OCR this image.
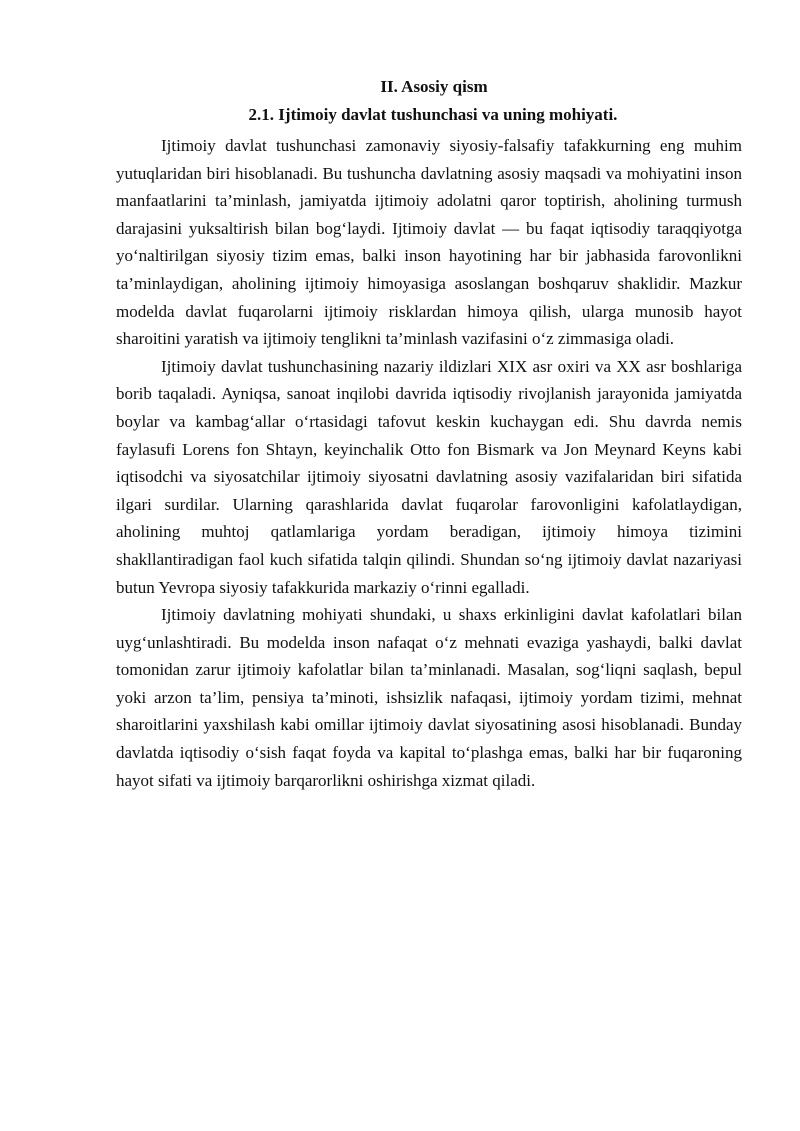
II. Asosiy qism
2.1. Ijtimoiy davlat tushunchasi va uning mohiyati.

Ijtimoiy davlat tushunchasi zamonaviy siyosiy-falsafiy tafakkurning eng muhim yutuqlaridan biri hisoblanadi. Bu tushuncha davlatning asosiy maqsadi va mohiyatini inson manfaatlarini ta’minlash, jamiyatda ijtimoiy adolatni qaror toptirish, aholining turmush darajasini yuksaltirish bilan bog‘laydi. Ijtimoiy davlat — bu faqat iqtisodiy taraqqiyotga yo‘naltirilgan siyosiy tizim emas, balki inson hayotining har bir jabhasida farovonlikni ta’minlaydigan, aholining ijtimoiy himoyasiga asoslangan boshqaruv shaklidir. Mazkur modelda davlat fuqarolarni ijtimoiy risklardan himoya qilish, ularga munosib hayot sharoitini yaratish va ijtimoiy tenglikni ta’minlash vazifasini o‘z zimmasiga oladi.

Ijtimoiy davlat tushunchasining nazariy ildizlari XIX asr oxiri va XX asr boshlariga borib taqaladi. Ayniqsa, sanoat inqilobi davrida iqtisodiy rivojlanish jarayonida jamiyatda boylar va kambag‘allar o‘rtasidagi tafovut keskin kuchaygan edi. Shu davrda nemis faylasufi Lorens fon Shtayn, keyinchalik Otto fon Bismark va Jon Meynard Keyns kabi iqtisodchi va siyosatchilar ijtimoiy siyosatni davlatning asosiy vazifalaridan biri sifatida ilgari surdilar. Ularning qarashlarida davlat fuqarolar farovonligini kafolatlaydigan, aholining muhtoj qatlamlariga yordam beradigan, ijtimoiy himoya tizimini shakllantiradigan faol kuch sifatida talqin qilindi. Shundan so‘ng ijtimoiy davlat nazariyasi butun Yevropa siyosiy tafakkurida markaziy o‘rinni egalladi.

Ijtimoiy davlatning mohiyati shundaki, u shaxs erkinligini davlat kafolatlari bilan uyg‘unlashtiradi. Bu modelda inson nafaqat o‘z mehnati evaziga yashaydi, balki davlat tomonidan zarur ijtimoiy kafolatlar bilan ta’minlanadi. Masalan, sog‘liqni saqlash, bepul yoki arzon ta’lim, pensiya ta’minoti, ishsizlik nafaqasi, ijtimoiy yordam tizimi, mehnat sharoitlarini yaxshilash kabi omillar ijtimoiy davlat siyosatining asosi hisoblanadi. Bunday davlatda iqtisodiy o‘sish faqat foyda va kapital to‘plashga emas, balki har bir fuqaroning hayot sifati va ijtimoiy barqarorlikni oshirishga xizmat qiladi.
